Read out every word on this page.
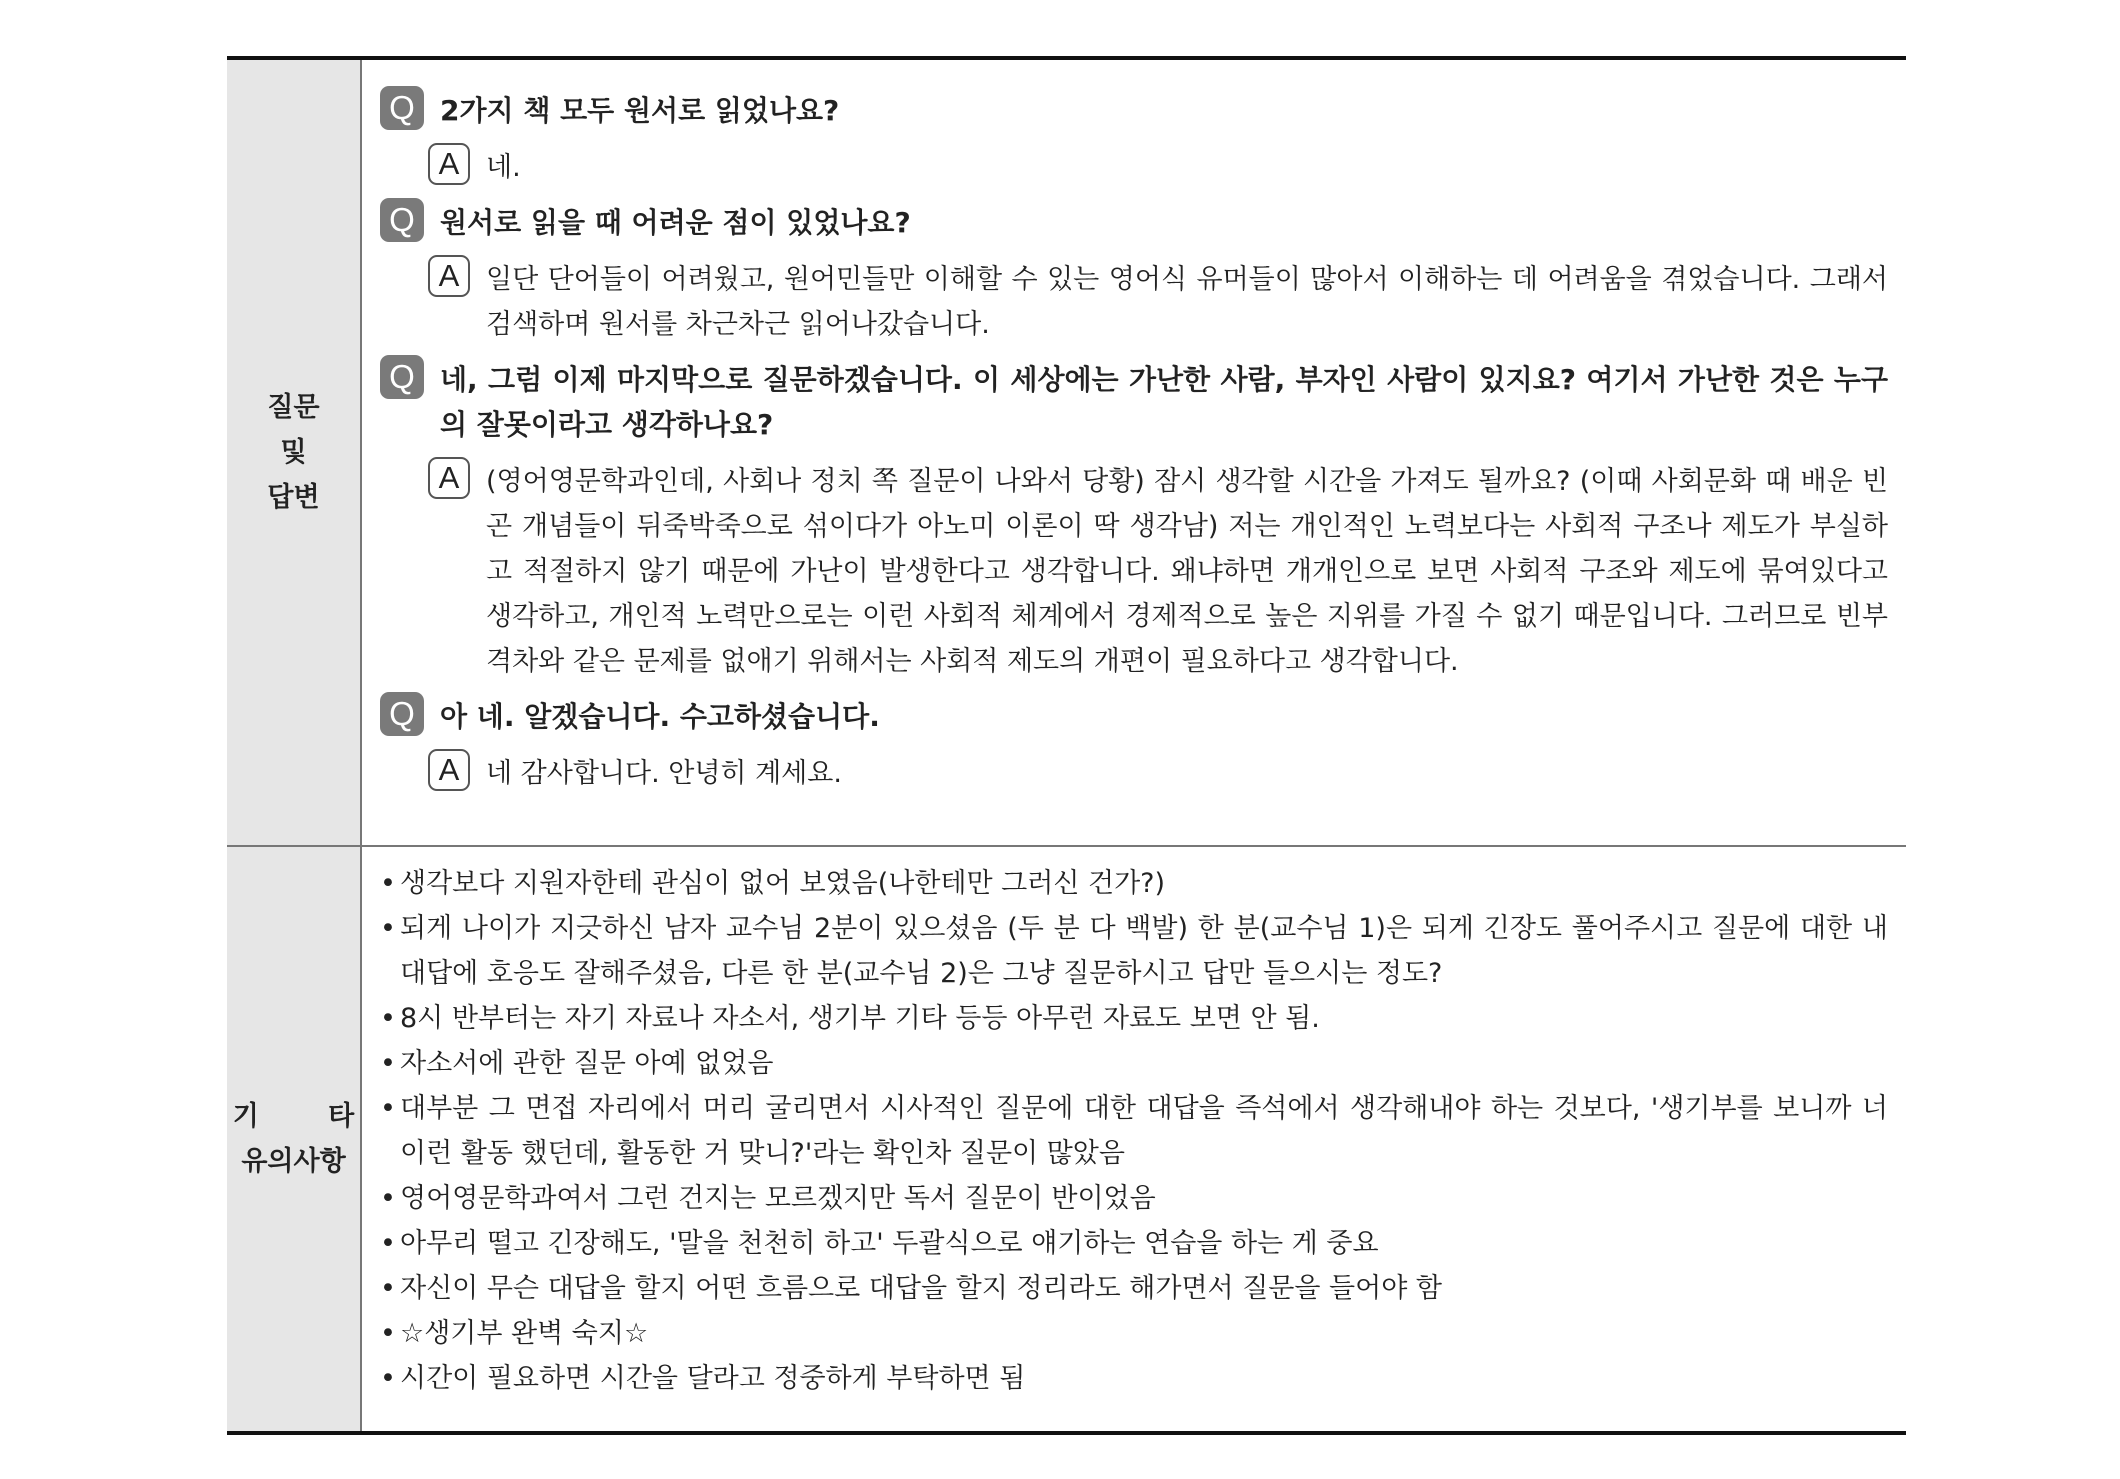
질문
및
답변
Q 2가지 책 모두 원서로 읽었나요?
A 네.
Q 원서로 읽을 때 어려운 점이 있었나요?
A 일단 단어들이 어려웠고, 원어민들만 이해할 수 있는 영어식 유머들이 많아서 이해하는 데 어려움을 겪었습니다. 그래서 검색하며 원서를 차근차근 읽어나갔습니다.
Q 네, 그럼 이제 마지막으로 질문하겠습니다. 이 세상에는 가난한 사람, 부자인 사람이 있지요? 여기서 가난한 것은 누구의 잘못이라고 생각하나요?
A (영어영문학과인데, 사회나 정치 쪽 질문이 나와서 당황) 잠시 생각할 시간을 가져도 될까요? (이때 사회문화 때 배운 빈곤 개념들이 뒤죽박죽으로 섞이다가 아노미 이론이 딱 생각남) 저는 개인적인 노력보다는 사회적 구조나 제도가 부실하고 적절하지 않기 때문에 가난이 발생한다고 생각합니다. 왜냐하면 개개인으로 보면 사회적 구조와 제도에 묶여있다고 생각하고, 개인적 노력만으로는 이런 사회적 체계에서 경제적으로 높은 지위를 가질 수 없기 때문입니다. 그러므로 빈부 격차와 같은 문제를 없애기 위해서는 사회적 제도의 개편이 필요하다고 생각합니다.
Q 아 네. 알겠습니다. 수고하셨습니다.
A 네 감사합니다. 안녕히 계세요.
기 타
유의사항
• 생각보다 지원자한테 관심이 없어 보였음(나한테만 그러신 건가?)
• 되게 나이가 지긋하신 남자 교수님 2분이 있으셨음 (두 분 다 백발) 한 분(교수님 1)은 되게 긴장도 풀어주시고 질문에 대한 내 대답에 호응도 잘해주셨음, 다른 한 분(교수님 2)은 그냥 질문하시고 답만 들으시는 정도?
• 8시 반부터는 자기 자료나 자소서, 생기부 기타 등등 아무런 자료도 보면 안 됨.
• 자소서에 관한 질문 아예 없었음
• 대부분 그 면접 자리에서 머리 굴리면서 시사적인 질문에 대한 대답을 즉석에서 생각해내야 하는 것보다, '생기부를 보니까 너 이런 활동 했던데, 활동한 거 맞니?'라는 확인차 질문이 많았음
• 영어영문학과여서 그런 건지는 모르겠지만 독서 질문이 반이었음
• 아무리 떨고 긴장해도, '말을 천천히 하고' 두괄식으로 얘기하는 연습을 하는 게 중요
• 자신이 무슨 대답을 할지 어떤 흐름으로 대답을 할지 정리라도 해가면서 질문을 들어야 함
• ☆생기부 완벽 숙지☆
• 시간이 필요하면 시간을 달라고 정중하게 부탁하면 됨
